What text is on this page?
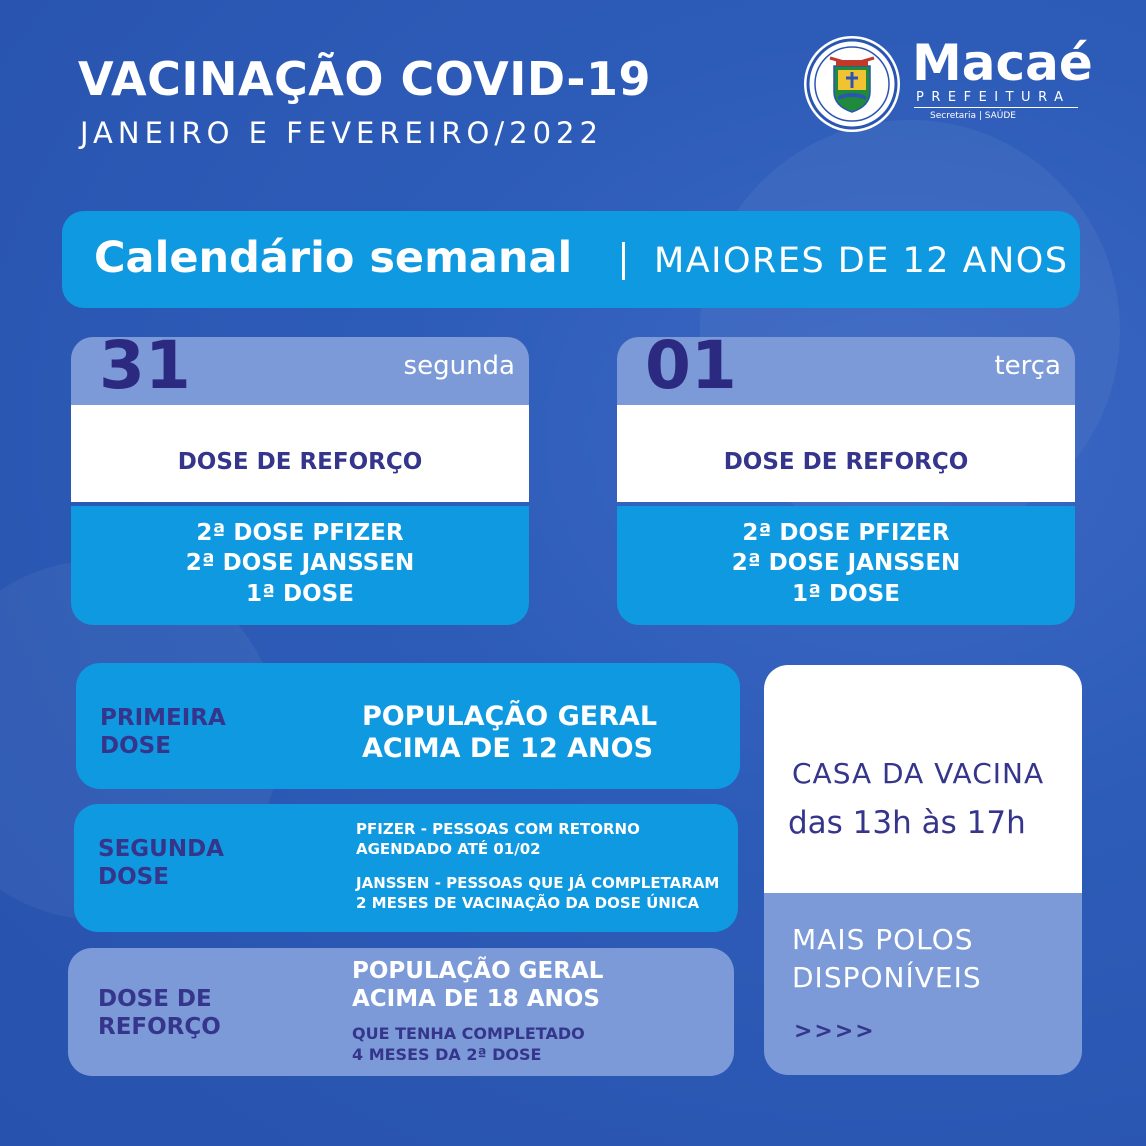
VACINAÇÃO COVID-19
JANEIRO E FEVEREIRO/2022
Macaé
PREFEITURA
Secretaria | SAÚDE
Calendário semanal MAIORES DE 12 ANOS
31	segunda
DOSE DE REFORÇO
2ª DOSE PFIZER
2ª DOSE JANSSEN
1ª DOSE
01	terça
DOSE DE REFORÇO
2ª DOSE PFIZER
2ª DOSE JANSSEN
1ª DOSE
PRIMEIRA
DOSE
POPULAÇÃO GERAL
ACIMA DE 12 ANOS
SEGUNDA
DOSE
PFIZER - PESSOAS COM RETORNO
AGENDADO ATÉ 01/02
JANSSEN - PESSOAS QUE JÁ COMPLETARAM
2 MESES DE VACINAÇÃO DA DOSE ÚNICA
DOSE DE
REFORÇO
POPULAÇÃO GERAL
ACIMA DE 18 ANOS
QUE TENHA COMPLETADO
4 MESES DA 2ª DOSE
CASA DA VACINA
das 13h às 17h
MAIS POLOS
DISPONÍVEIS
>>>>
